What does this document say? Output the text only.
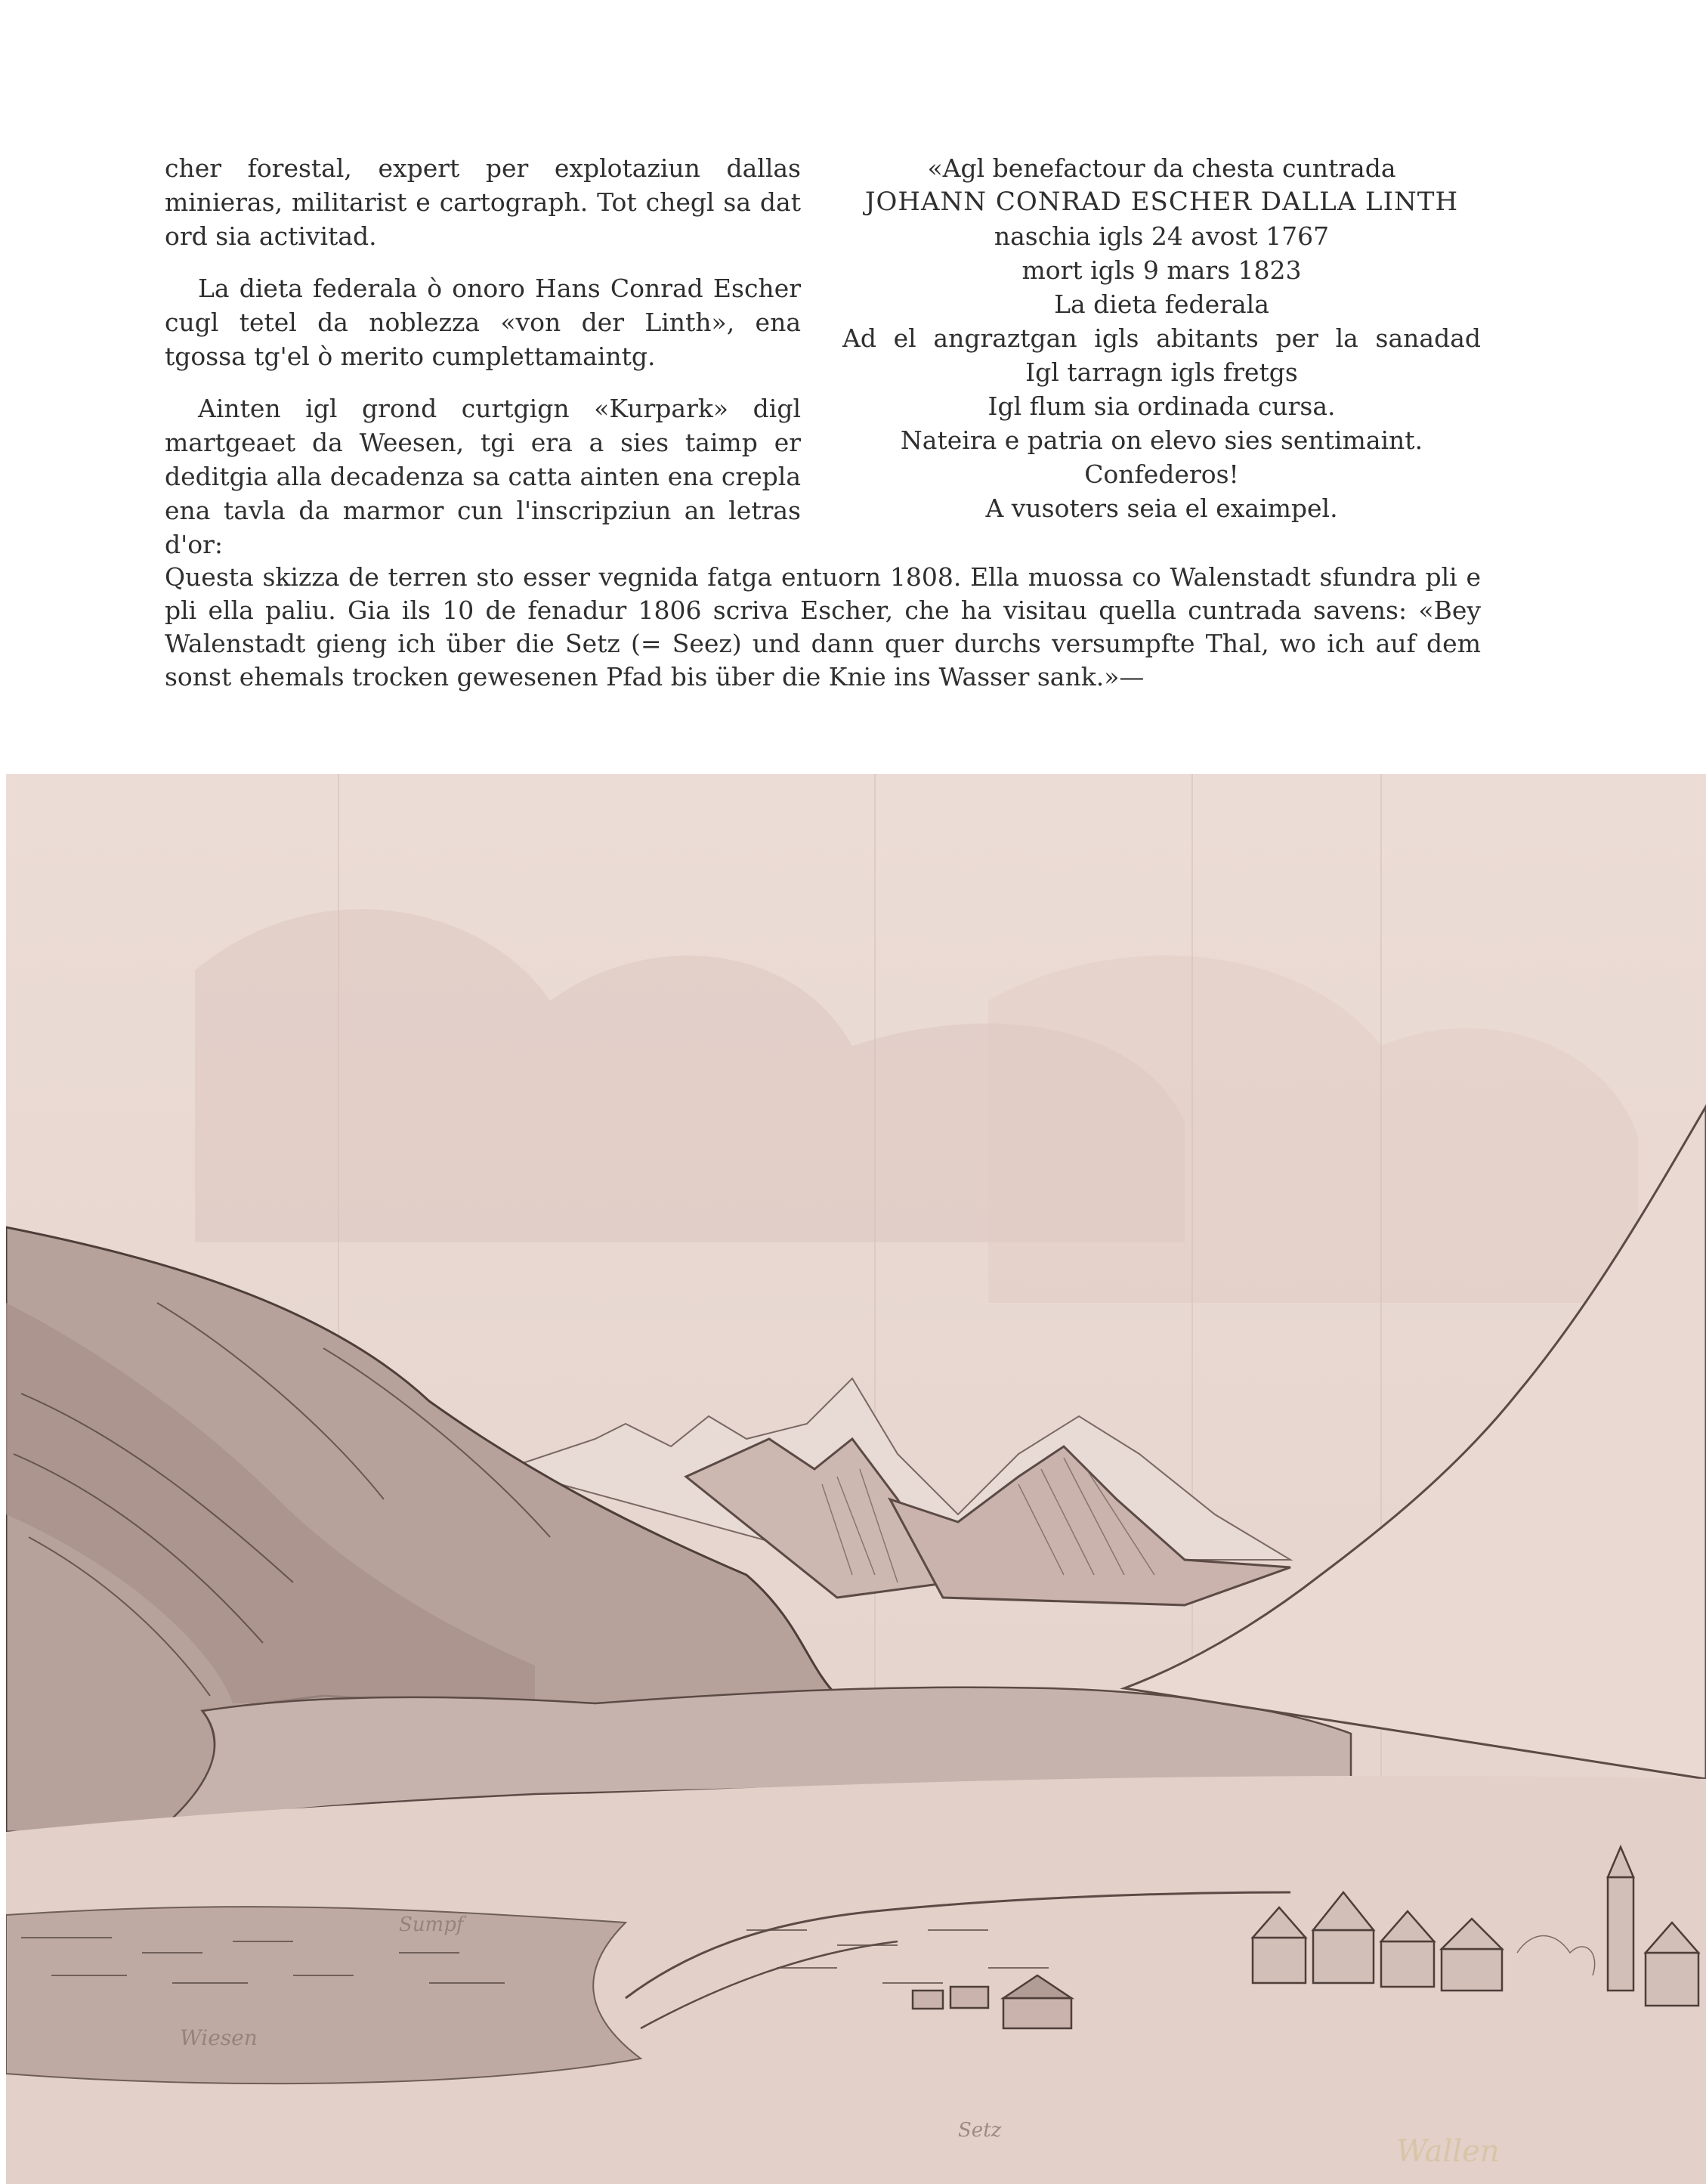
cher forestal, expert per explotaziun dallas minieras, militarist e cartograph. Tot chegl sa dat ord sia activitad.

La dieta federala ò onoro Hans Conrad Escher cugl tetel da noblezza «von der Linth», ena tgossa tg'el ò merito cumplettamaintg.

Ainten igl grond curtgign «Kurpark» digl martgeaet da Weesen, tgi era a sies taimp er deditgia alla decadenza sa catta ainten ena crepla ena tavla da marmor cun l'inscripziun an letras d'or:

«Agl benefactour da chesta cuntrada
JOHANN CONRAD ESCHER DALLA LINTH
naschia igls 24 avost 1767
mort igls 9 mars 1823
La dieta federala
Ad el angraztgan igls abitants per la sanadad
Igl tarragn igls fretgs
Igl flum sia ordinada cursa.
Nateira e patria on elevo sies sentimaint.
Confederos!
A vusoters seia el exaimpel.
Questa skizza de terren sto esser vegnida fatga entuorn 1808. Ella muossa co Walenstadt sfundra pli e pli ella paliu. Gia ils 10 de fenadur 1806 scriva Escher, che ha visitau quella cuntrada savens: «Bey Walenstadt gieng ich über die Setz (= Seez) und dann quer durchs versumpfte Thal, wo ich auf dem sonst ehemals trocken gewesenen Pfad bis über die Knie ins Wasser sank.»—
Sumpf
Wiesen
Setz
Wallen
